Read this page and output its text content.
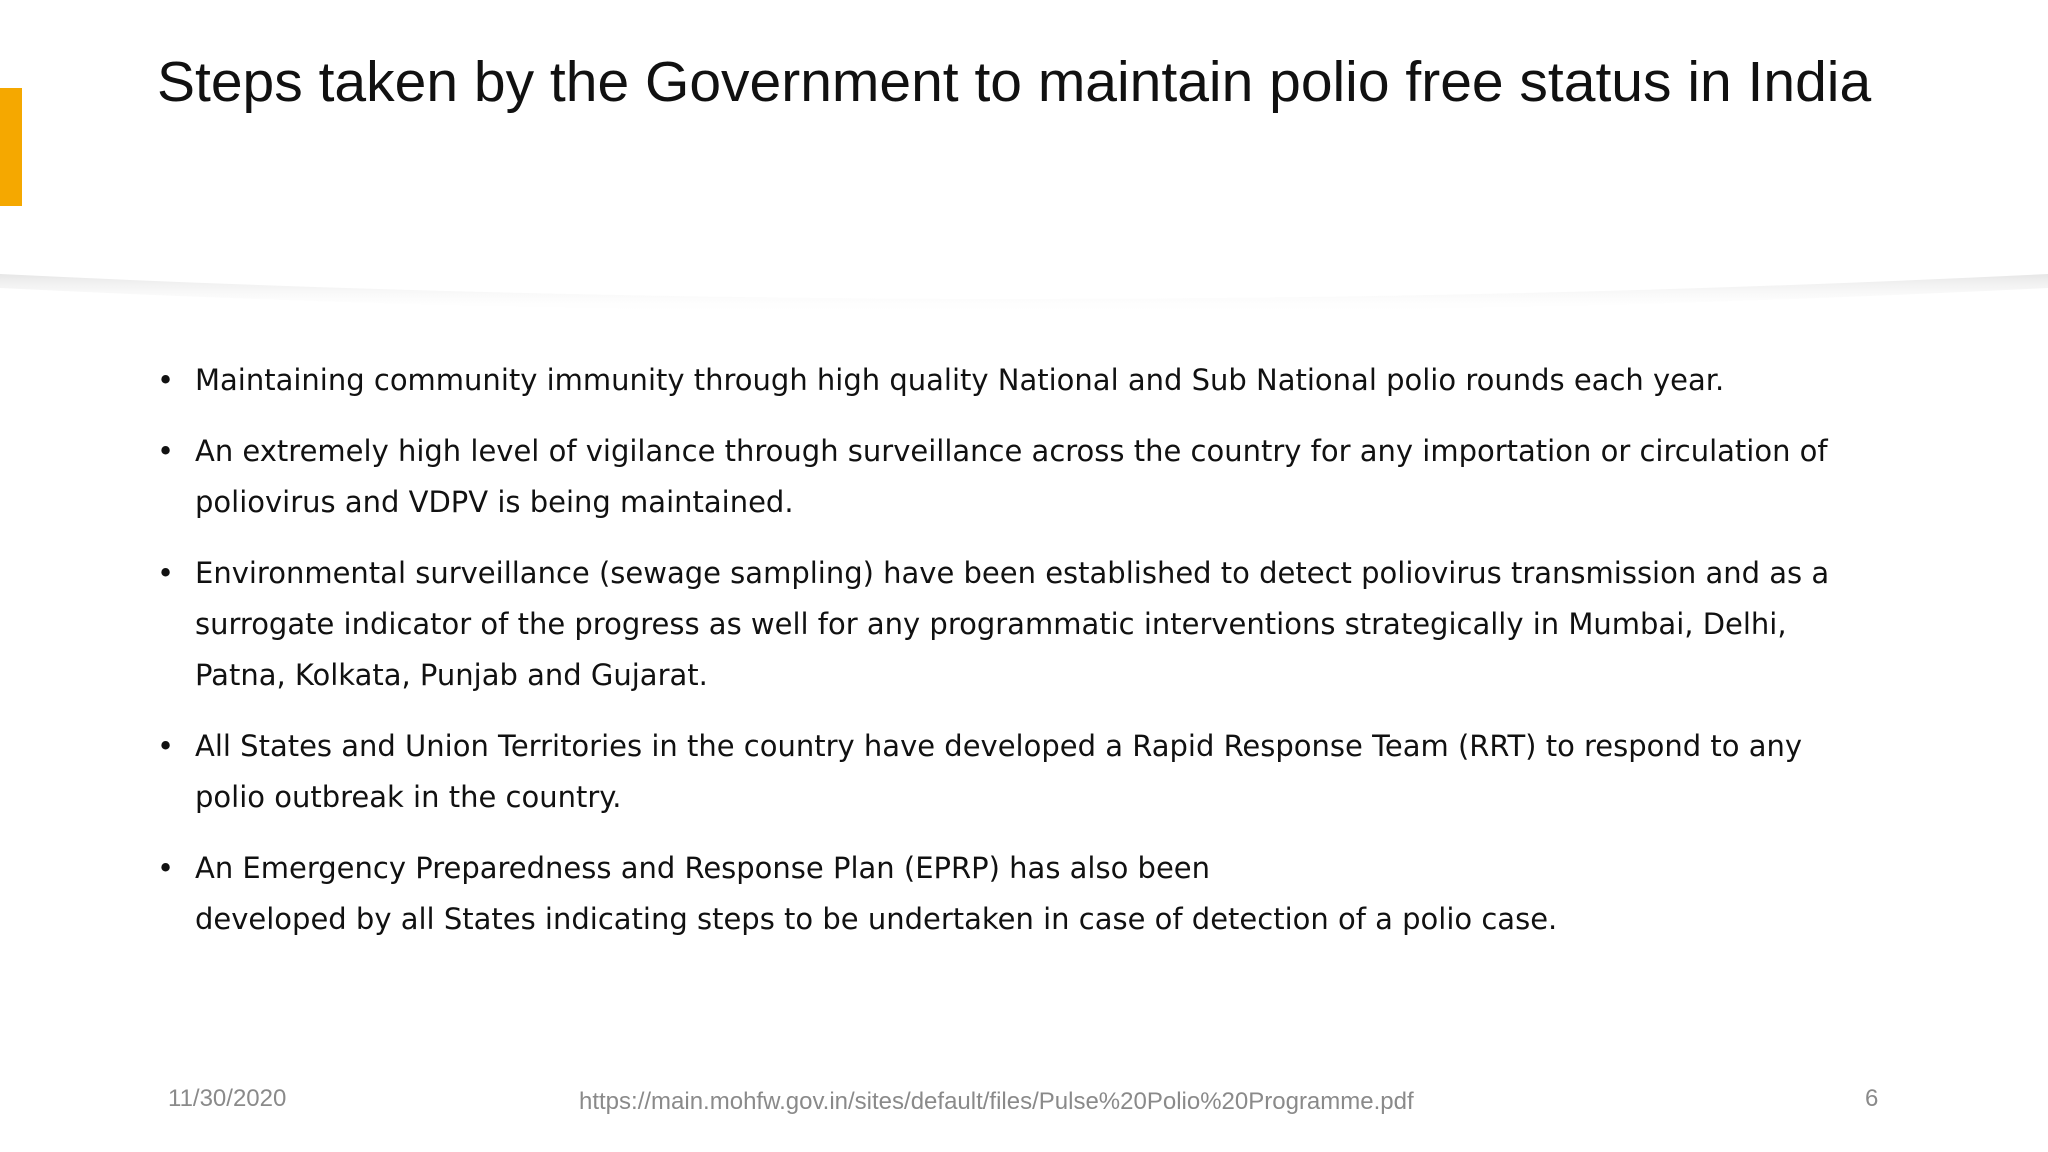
Steps taken by the Government to maintain polio free status in India
• Maintaining community immunity through high quality National and Sub National polio rounds each year.
• An extremely high level of vigilance through surveillance across the country for any importation or circulation of poliovirus and VDPV is being maintained.
• Environmental surveillance (sewage sampling) have been established to detect poliovirus transmission and as a surrogate indicator of the progress as well for any programmatic interventions strategically in Mumbai, Delhi, Patna, Kolkata, Punjab and Gujarat.
• All States and Union Territories in the country have developed a Rapid Response Team (RRT) to respond to any polio outbreak in the country.
• An Emergency Preparedness and Response Plan (EPRP) has also been
developed by all States indicating steps to be undertaken in case of detection of a polio case.
11/30/2020	https://main.mohfw.gov.in/sites/default/files/Pulse%20Polio%20Programme.pdf	6
